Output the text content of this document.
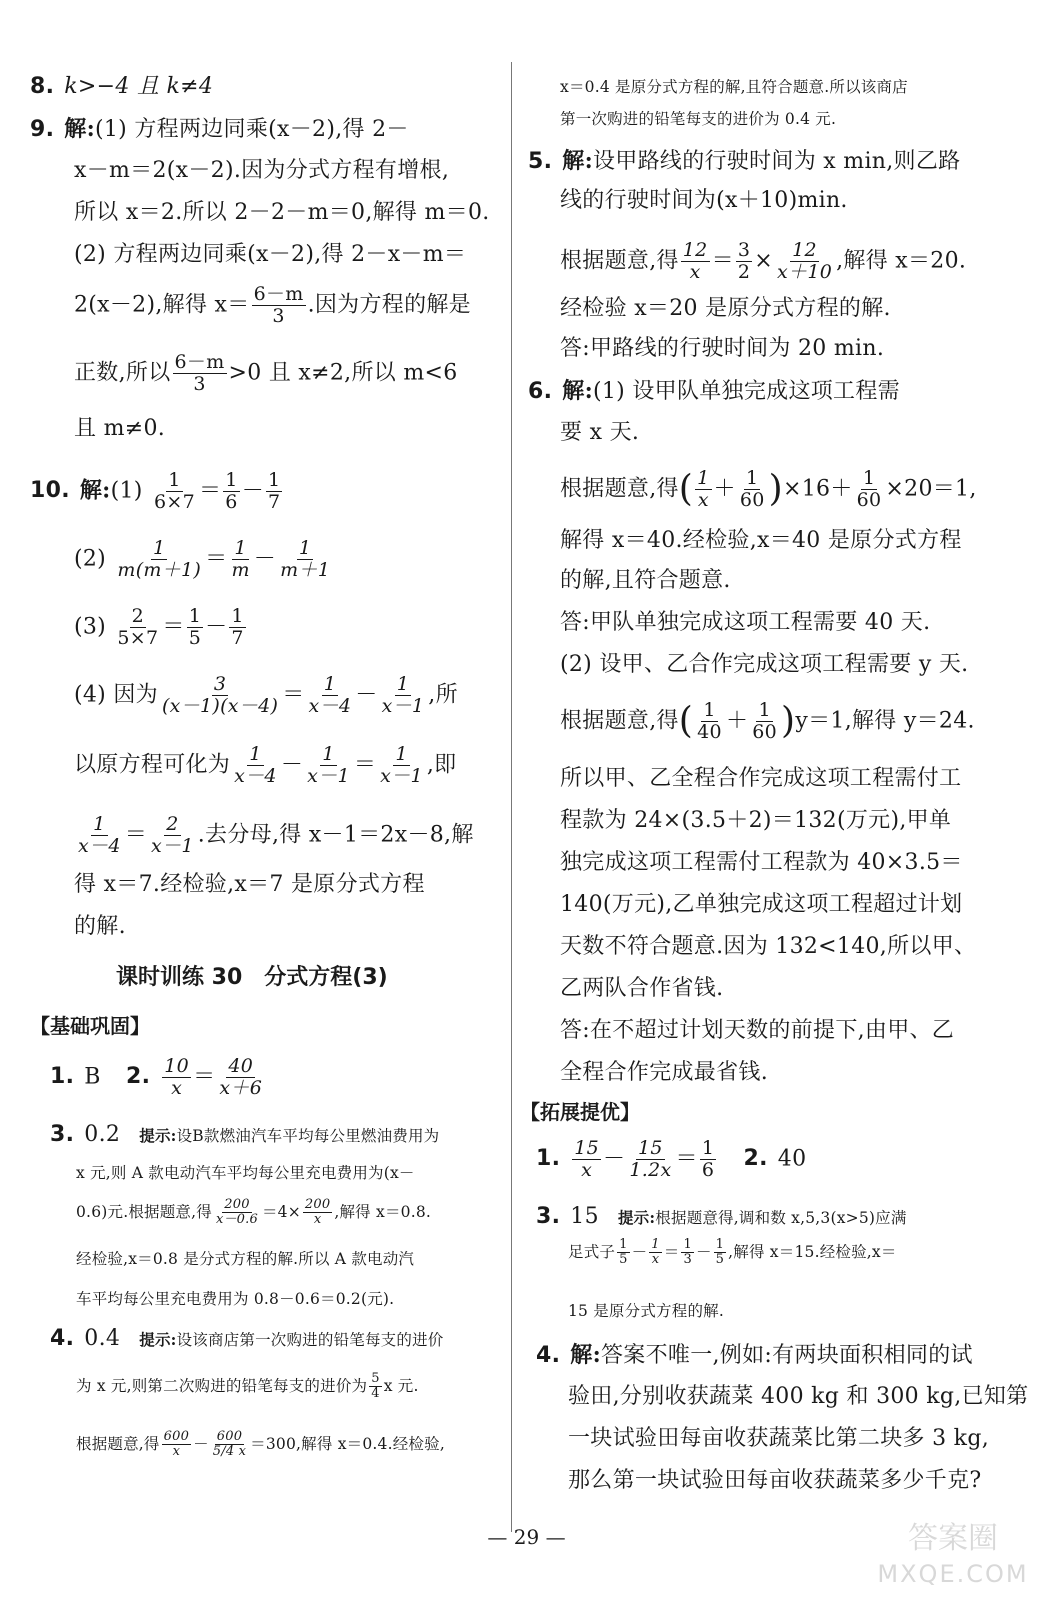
8. k>−4 且 k≠4
9. 解:(1) 方程两边同乘(x－2),得 2－
x－m＝2(x－2).因为分式方程有增根,
所以 x＝2.所以 2－2－m＝0,解得 m＝0.
(2) 方程两边同乘(x－2),得 2－x－m＝
2(x－2),解得 $x= \frac{6-m}{3}$ .因为方程的解是
正数,所以 $\frac{6-m}{3} >0$ 且 x≠2,所以 m<6
且 m≠0.
10. 解:(1) $\frac{1}{6\times 7} = \frac{1}{6} - \frac{1}{7}$
$(2) \frac{1}{m(m+1)} = \frac{1}{m} - \frac{1}{m+1}$
$(3) \frac{2}{5\times 7} = \frac{1}{5} - \frac{1}{7}$
(4) 因为 $\frac{3}{(x-1)(x-4)} = \frac{1}{x-4} - \frac{1}{x-1}$ ,所
以原方程可化为 $\frac{1}{x-4} - \frac{1}{x-1} = \frac{1}{x-1}$ ,即
$\frac{1}{x-4} = \frac{2}{x-1}$ .去分母,得 x－1＝2x－8,解
得 x＝7.经检验,x＝7 是原分式方程
的解.
课时训练 30　分式方程(3)
【基础巩固】
1. B 2. $\frac{10}{x} = \frac{40}{x+6}$
3. 0.2 提示:设B款燃油汽车平均每公里燃油费用为
x 元,则 A 款电动汽车平均每公里充电费用为(x－
0.6)元.根据题意,得 $\frac{200}{x-0.6} =4\times \frac{200}{x}$ ,解得 x＝0.8.
经检验,x＝0.8 是分式方程的解.所以 A 款电动汽
车平均每公里充电费用为 0.8－0.6＝0.2(元).
4. 0.4 提示:设该商店第一次购进的铅笔每支的进价
为 x 元,则第二次购进的铅笔每支的进价为 $\frac{5}{4}$ x 元.
根据题意,得 $\frac{600}{x} - \frac{600}{5/4 x} =300$,解得 x＝0.4.经检验,
x＝0.4 是原分式方程的解,且符合题意.所以该商店
第一次购进的铅笔每支的进价为 0.4 元.
5. 解:设甲路线的行驶时间为 x min,则乙路
线的行驶时间为(x＋10)min.
根据题意,得 $\frac{12}{x} = \frac{3}{2} \times \frac{12}{x+10}$ ,解得 x＝20.
经检验 x＝20 是原分式方程的解.
答:甲路线的行驶时间为 20 min.
6. 解:(1) 设甲队单独完成这项工程需
要 x 天.
根据题意,得( $\frac{1}{x} + \frac{1}{60} )\times 16+ \frac{1}{60} \times 20=1$,
解得 x＝40.经检验,x＝40 是原分式方程
的解,且符合题意.
答:甲队单独完成这项工程需要 40 天.
(2) 设甲、乙合作完成这项工程需要 y 天.
根据题意,得( $\frac{1}{40} + \frac{1}{60} )y=1$,解得 y＝24.
所以甲、乙全程合作完成这项工程需付工
程款为 24×(3.5＋2)＝132(万元),甲单
独完成这项工程需付工程款为 40×3.5＝
140(万元),乙单独完成这项工程超过计划
天数不符合题意.因为 132<140,所以甲、
乙两队合作省钱.
答:在不超过计划天数的前提下,由甲、乙
全程合作完成最省钱.
【拓展提优】
1. $\frac{15}{x} - \frac{15}{1.2x} = \frac{1}{6} 2$. 40
3. 15 提示:根据题意得,调和数 x,5,3(x>5)应满
足式子 $\frac{1}{5} - \frac{1}{x} = \frac{1}{3} - \frac{1}{5}$ ,解得 x＝15.经检验,x＝
15 是原分式方程的解.
4. 解:答案不唯一,例如:有两块面积相同的试
验田,分别收获蔬菜 400 kg 和 300 kg,已知第
一块试验田每亩收获蔬菜比第二块多 3 kg,
那么第一块试验田每亩收获蔬菜多少千克?
— 29 —	答案圈
MXQE.COM
